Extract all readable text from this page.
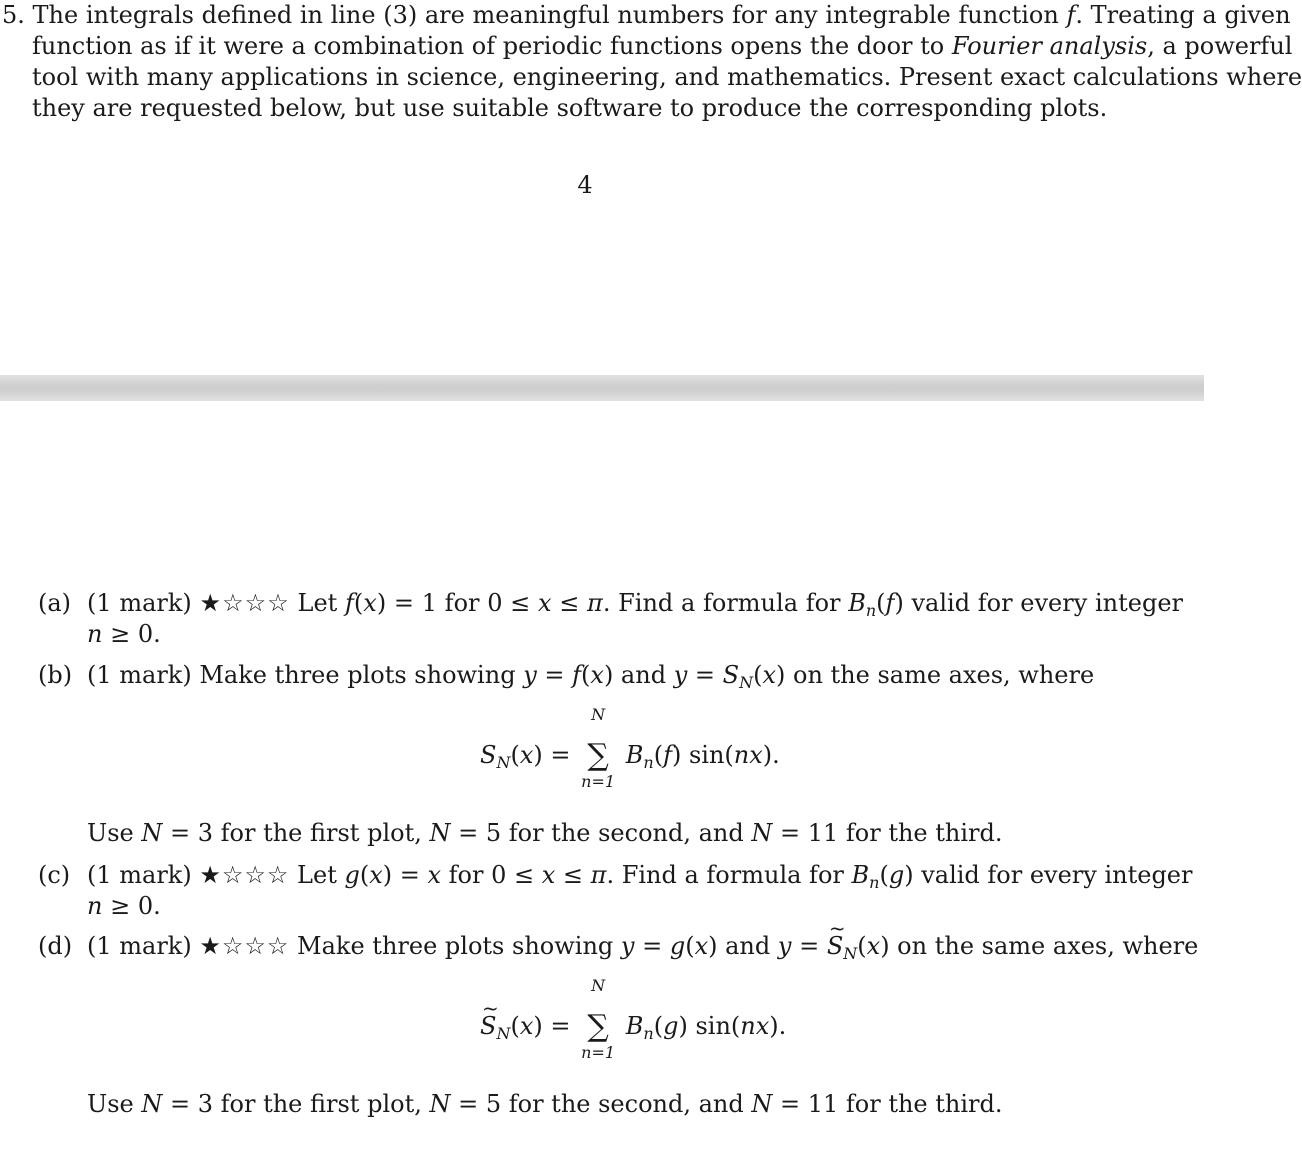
5. The integrals defined in line (3) are meaningful numbers for any integrable function f. Treating a given
function as if it were a combination of periodic functions opens the door to Fourier analysis, a powerful
tool with many applications in science, engineering, and mathematics. Present exact calculations where
they are requested below, but use suitable software to produce the corresponding plots.
4
(a) (1 mark) ★☆☆☆ Let f(x) = 1 for 0 ≤ x ≤ π. Find a formula for $B_n(f)$ valid for every integer
n ≥ 0.
(b) (1 mark) Make three plots showing y = f(x) and $y = S_N(x)$ on the same axes, where
$S_N(x)$ =
N
∑
n=1
$B_n(f)$ sin(nx).
Use N = 3 for the first plot, N = 5 for the second, and N = 11 for the third.
(c) (1 mark) ★☆☆☆ Let g(x) = x for 0 ≤ x ≤ π. Find a formula for $B_n(g)$ valid for every integer
n ≥ 0.
(d) (1 mark) ★☆☆☆ Make three plots showing y = g(x) and y = ~ $S_N(x)$ on the same axes, where
~ $S_N(x)$ =
N
∑
n=1
$B_n(g)$ sin(nx).
Use N = 3 for the first plot, N = 5 for the second, and N = 11 for the third.
